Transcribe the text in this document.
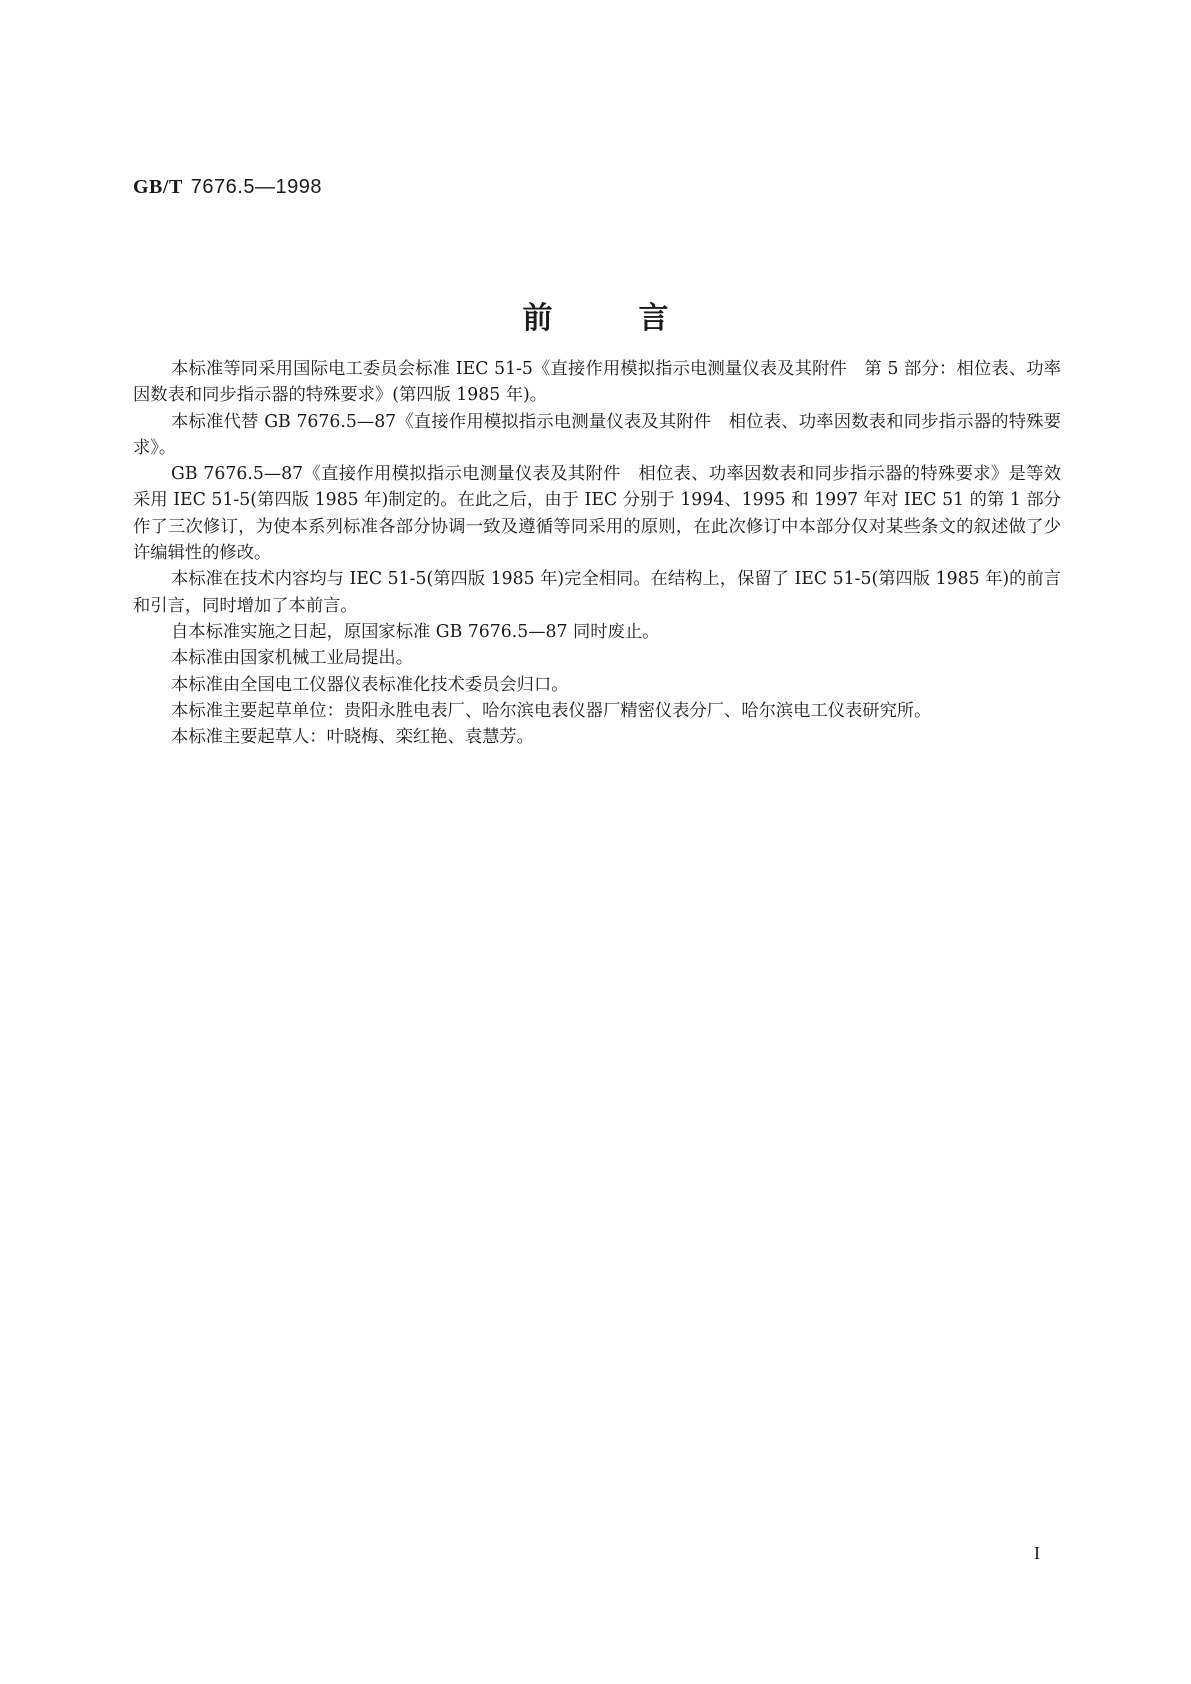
GB/T 7676.5—1998
前	言

本标准等同采用国际电工委员会标准 IEC 51-5《直接作用模拟指示电测量仪表及其附件　第 5 部分：相位表、功率因数表和同步指示器的特殊要求》(第四版 1985 年)。

本标准代替 GB 7676.5—87《直接作用模拟指示电测量仪表及其附件　相位表、功率因数表和同步指示器的特殊要求》。

GB 7676.5—87《直接作用模拟指示电测量仪表及其附件　相位表、功率因数表和同步指示器的特殊要求》是等效采用 IEC 51-5(第四版 1985 年)制定的。在此之后，由于 IEC 分别于 1994、1995 和 1997 年对 IEC 51 的第 1 部分作了三次修订，为使本系列标准各部分协调一致及遵循等同采用的原则，在此次修订中本部分仅对某些条文的叙述做了少许编辑性的修改。

本标准在技术内容均与 IEC 51-5(第四版 1985 年)完全相同。在结构上，保留了 IEC 51-5(第四版 1985 年)的前言和引言，同时增加了本前言。

自本标准实施之日起，原国家标准 GB 7676.5—87 同时废止。

本标准由国家机械工业局提出。

本标准由全国电工仪器仪表标准化技术委员会归口。

本标准主要起草单位：贵阳永胜电表厂、哈尔滨电表仪器厂精密仪表分厂、哈尔滨电工仪表研究所。

本标准主要起草人：叶晓梅、栾红艳、袁慧芳。

I
